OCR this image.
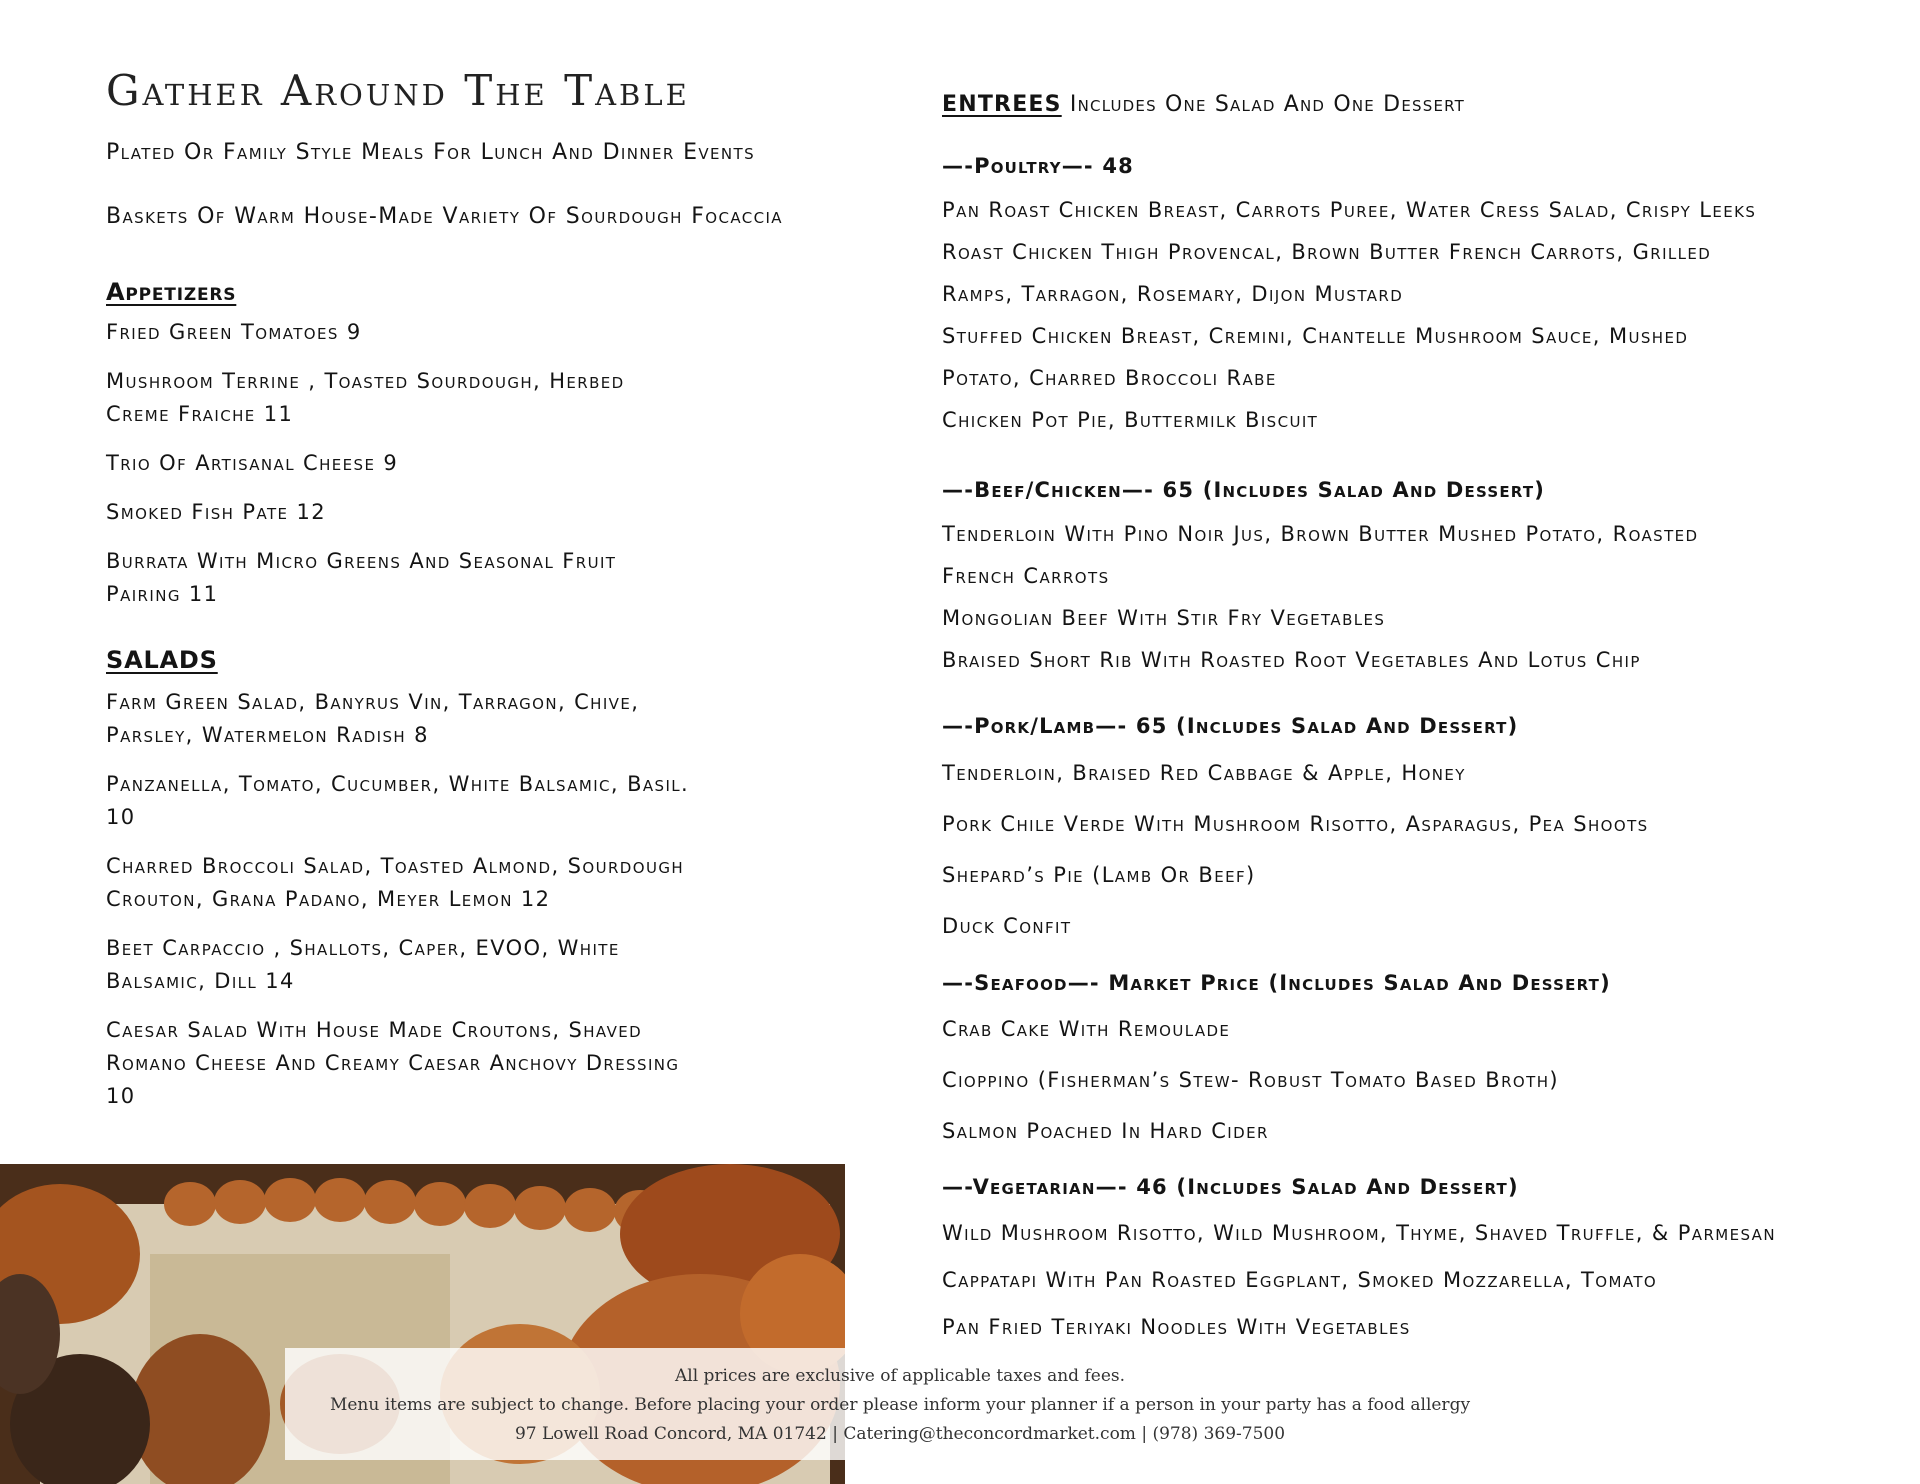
Gather Around The Table
Plated Or Family Style Meals For Lunch And Dinner Events
Baskets Of Warm House-Made Variety Of Sourdough Focaccia
Appetizers

Fried Green Tomatoes 9

Mushroom Terrine , Toasted Sourdough, Herbed Creme Fraiche 11

Trio Of Artisanal Cheese 9

Smoked Fish Pate 12

Burrata With Micro Greens And Seasonal Fruit Pairing 11

SALADS

Farm Green Salad, Banyrus Vin, Tarragon, Chive, Parsley, Watermelon Radish 8

Panzanella, Tomato, Cucumber, White Balsamic, Basil. 10

Charred Broccoli Salad, Toasted Almond, Sourdough Crouton, Grana Padano, Meyer Lemon 12

Beet Carpaccio , Shallots, Caper, EVOO, White Balsamic, Dill 14

Caesar Salad With House Made Croutons, Shaved Romano Cheese And Creamy Caesar Anchovy Dressing 10

ENTREES Includes One Salad And One Dessert
—-Poultry—- 48
Pan Roast Chicken Breast, Carrots Puree, Water Cress Salad, Crispy Leeks
Roast Chicken Thigh Provencal, Brown Butter French Carrots, Grilled
Ramps, Tarragon, Rosemary, Dijon Mustard
Stuffed Chicken Breast, Cremini, Chantelle Mushroom Sauce, Mushed
Potato, Charred Broccoli Rabe
Chicken Pot Pie, Buttermilk Biscuit
—-Beef/Chicken—- 65 (Includes Salad And Dessert)
Tenderloin With Pino Noir Jus, Brown Butter Mushed Potato, Roasted
French Carrots
Mongolian Beef With Stir Fry Vegetables
Braised Short Rib With Roasted Root Vegetables And Lotus Chip
—-Pork/Lamb—- 65 (Includes Salad And Dessert)
Tenderloin, Braised Red Cabbage & Apple, Honey
Pork Chile Verde With Mushroom Risotto, Asparagus, Pea Shoots
Shepard’s Pie (Lamb Or Beef)
Duck Confit
—-Seafood—- Market Price (Includes Salad And Dessert)
Crab Cake With Remoulade
Cioppino (Fisherman’s Stew- Robust Tomato Based Broth)
Salmon Poached In Hard Cider
—-Vegetarian—- 46 (Includes Salad And Dessert)
Wild Mushroom Risotto, Wild Mushroom, Thyme, Shaved Truffle, & Parmesan
Cappatapi With Pan Roasted Eggplant, Smoked Mozzarella, Tomato
Pan Fried Teriyaki Noodles With Vegetables
All prices are exclusive of applicable taxes and fees.
Menu items are subject to change. Before placing your order please inform your planner if a person in your party has a food allergy
97 Lowell Road Concord, MA 01742 | Catering@theconcordmarket.com | (978) 369-7500
